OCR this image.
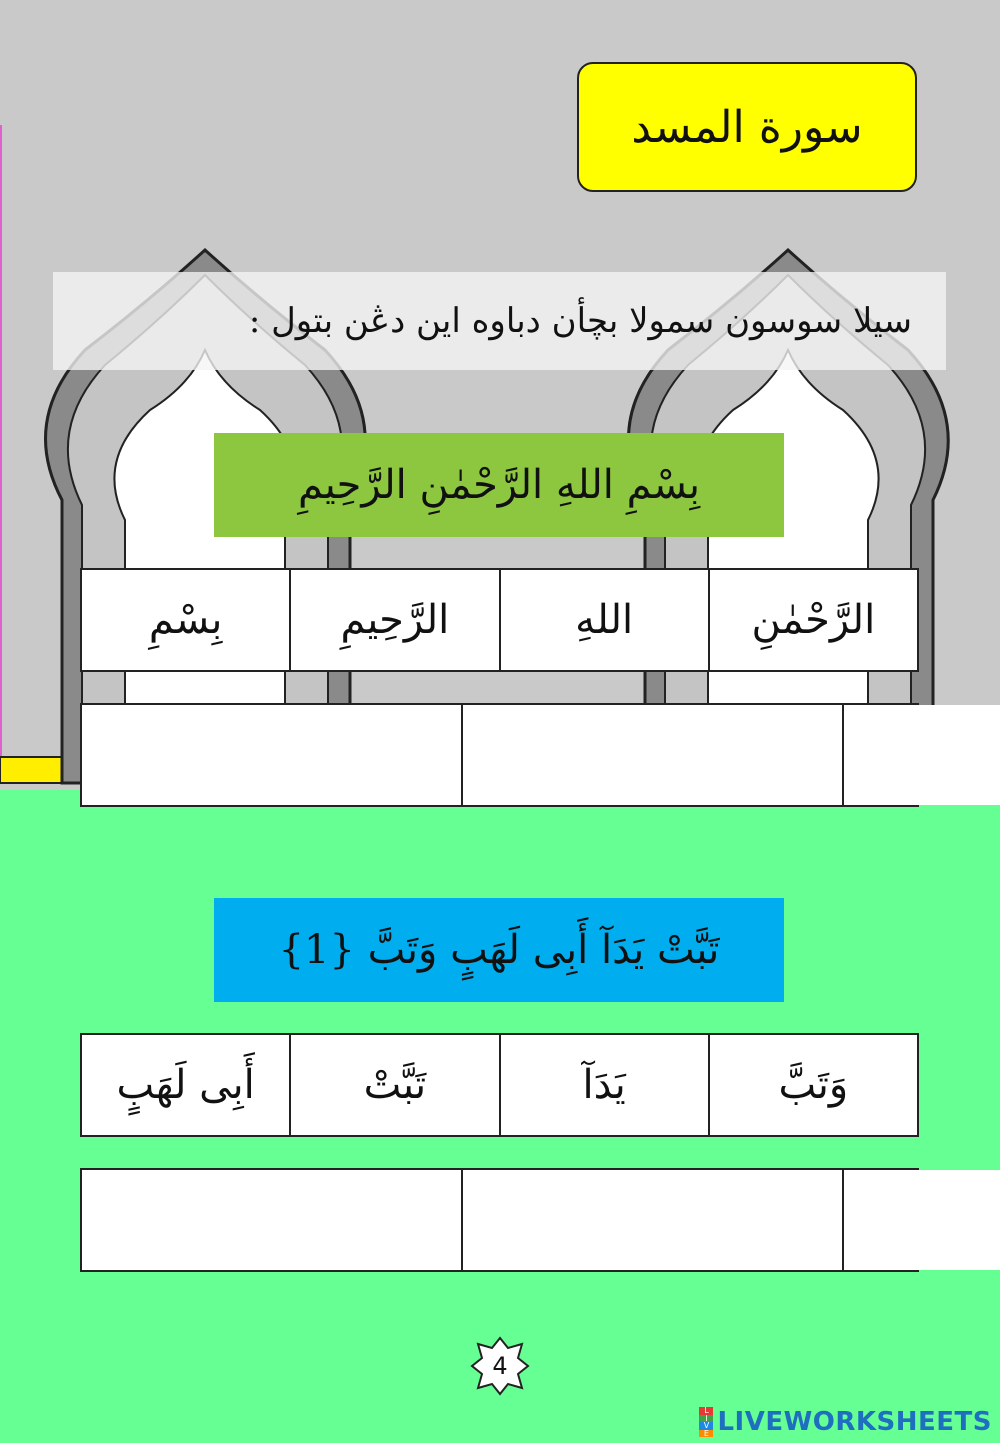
سورة المسد
سيلا سوسون سمولا بچأن دباوه اين دڠن بتول :
بِسْمِ اللهِ الرَّحْمٰنِ الرَّحِيمِ
بِسْمِ	الرَّحِيمِ	اللهِ	الرَّحْمٰنِ
تَبَّتْ يَدَآ أَبِى لَهَبٍ وَتَبَّ {1}
أَبِى لَهَبٍ	تَبَّتْ	يَدَآ	وَتَبَّ
4
L
I
V
E LIVEWORKSHEETS
